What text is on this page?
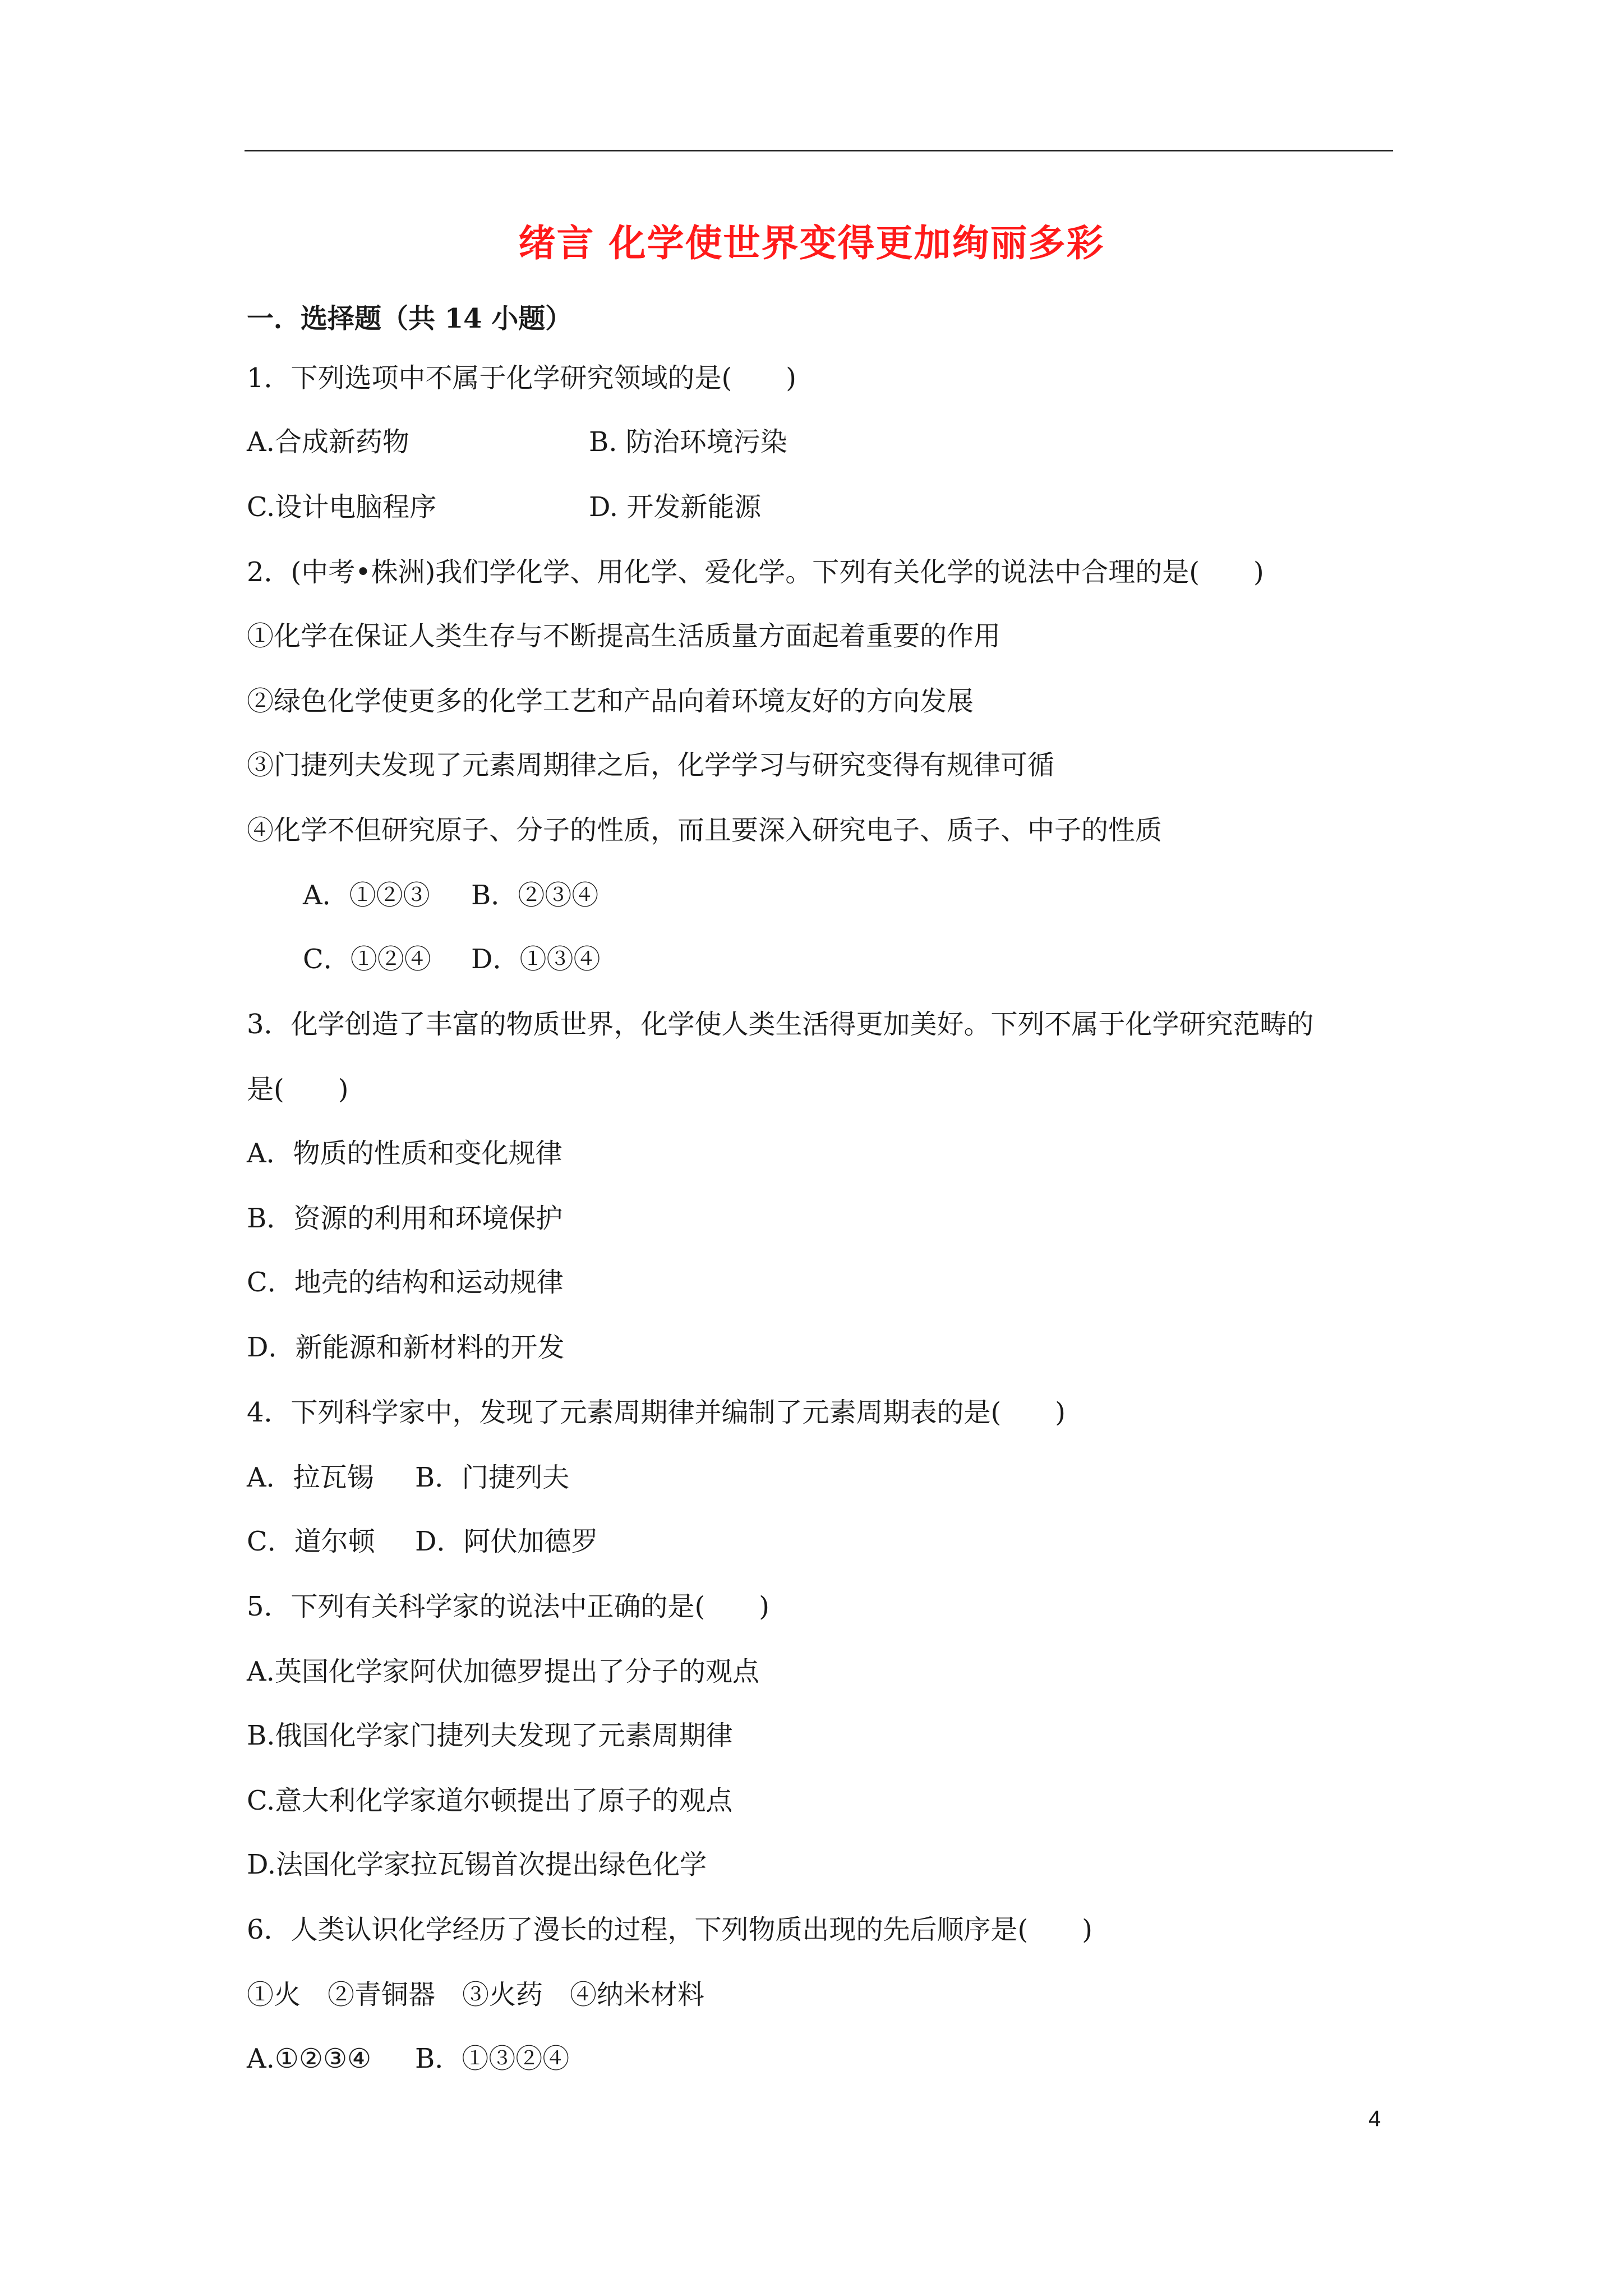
绪言 化学使世界变得更加绚丽多彩
一．选择题（共 14 小题）
1．下列选项中不属于化学研究领域的是(　　)
A.合成新药物	B. 防治环境污染
C.设计电脑程序	D. 开发新能源
2．(中考•株洲)我们学化学、用化学、爱化学。下列有关化学的说法中合理的是(　　)
①化学在保证人类生存与不断提高生活质量方面起着重要的作用
②绿色化学使更多的化学工艺和产品向着环境友好的方向发展
③门捷列夫发现了元素周期律之后，化学学习与研究变得有规律可循
④化学不但研究原子、分子的性质，而且要深入研究电子、质子、中子的性质
A．①②③ B．②③④
C．①②④ D．①③④
3．化学创造了丰富的物质世界，化学使人类生活得更加美好。下列不属于化学研究范畴的
是(　　)
A．物质的性质和变化规律
B．资源的利用和环境保护
C．地壳的结构和运动规律
D．新能源和新材料的开发
4．下列科学家中，发现了元素周期律并编制了元素周期表的是(　　)
A．拉瓦锡 B．门捷列夫
C．道尔顿 D．阿伏加德罗
5．下列有关科学家的说法中正确的是(　　)
A.英国化学家阿伏加德罗提出了分子的观点
B.俄国化学家门捷列夫发现了元素周期律
C.意大利化学家道尔顿提出了原子的观点
D.法国化学家拉瓦锡首次提出绿色化学
6．人类认识化学经历了漫长的过程，下列物质出现的先后顺序是(　　)
①火　②青铜器　③火药　④纳米材料
A.①②③④ B．①③②④
4
